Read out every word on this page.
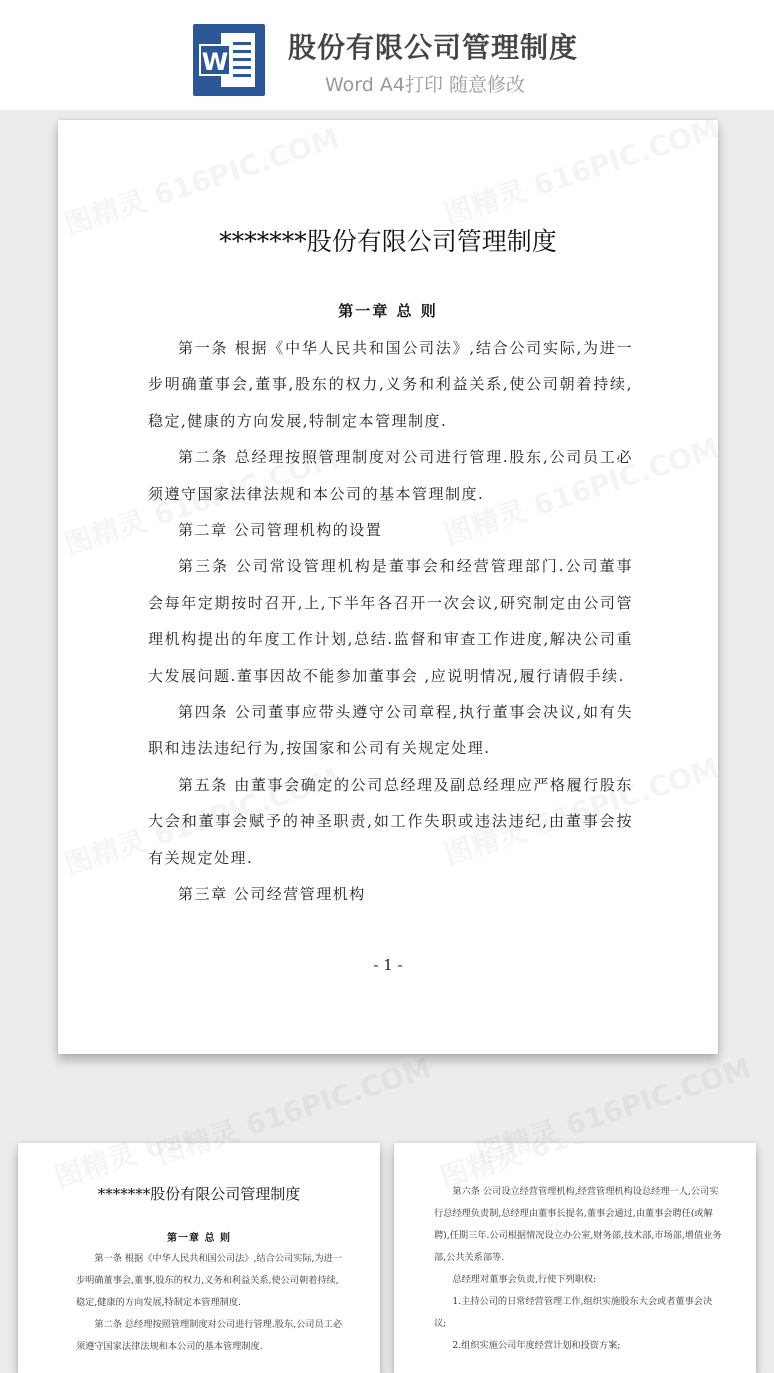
W 股份有限公司管理制度
Word A4打印 随意修改
*******股份有限公司管理制度
第一章 总 则

第一条 根据《中华人民共和国公司法》,结合公司实际,为进一步明确董事会,董事,股东的权力,义务和利益关系,使公司朝着持续,稳定,健康的方向发展,特制定本管理制度.

第二条 总经理按照管理制度对公司进行管理.股东,公司员工必须遵守国家法律法规和本公司的基本管理制度.

第二章 公司管理机构的设置

第三条 公司常设管理机构是董事会和经营管理部门.公司董事会每年定期按时召开,上,下半年各召开一次会议,研究制定由公司管理机构提出的年度工作计划,总结.监督和审查工作进度,解决公司重大发展问题.董事因故不能参加董事会 ,应说明情况,履行请假手续.

第四条 公司董事应带头遵守公司章程,执行董事会决议,如有失职和违法违纪行为,按国家和公司有关规定处理.

第五条 由董事会确定的公司总经理及副总经理应严格履行股东大会和董事会赋予的神圣职责,如工作失职或违法违纪,由董事会按有关规定处理.

第三章 公司经营管理机构

- 1 -
*******股份有限公司管理制度
第一章 总 则

第一条 根据《中华人民共和国公司法》,结合公司实际,为进一步明确董事会,董事,股东的权力,义务和利益关系,使公司朝着持续,稳定,健康的方向发展,特制定本管理制度.

第二条 总经理按照管理制度对公司进行管理.股东,公司员工必须遵守国家法律法规和本公司的基本管理制度.

第六条 公司设立经营管理机构,经营管理机构设总经理一人,公司实行总经理负责制,总经理由董事长提名,董事会通过,由董事会聘任(或解聘),任期三年.公司根据情况设立办公室,财务部,技术部,市场部,增值业务部,公共关系部等.

总经理对董事会负责,行使下列职权:

1.主持公司的日常经营管理工作,组织实施股东大会或者董事会决议;

2.组织实施公司年度经营计划和投资方案;
